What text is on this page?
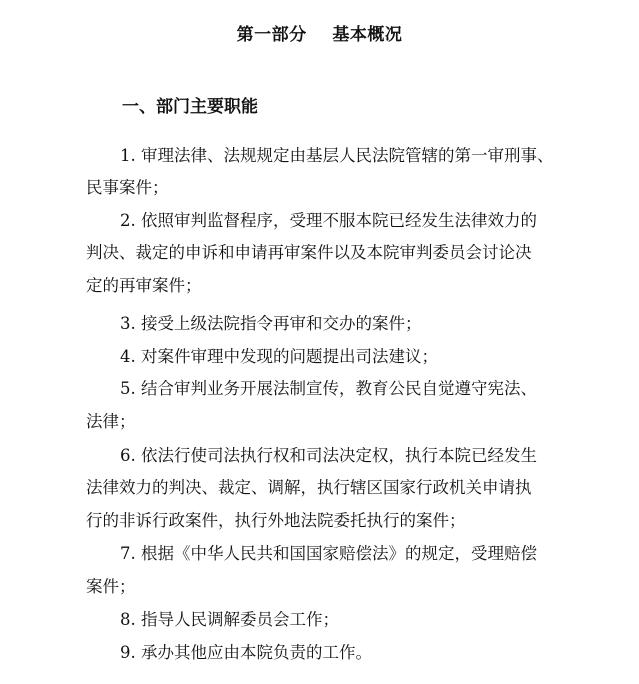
第一部分    基本概况
一、部门主要职能
1. 审理法律、法规规定由基层人民法院管辖的第一审刑事、
民事案件；
2. 依照审判监督程序，受理不服本院已经发生法律效力的
判决、裁定的申诉和申请再审案件以及本院审判委员会讨论决
定的再审案件；
3. 接受上级法院指令再审和交办的案件；
4. 对案件审理中发现的问题提出司法建议；
5. 结合审判业务开展法制宣传，教育公民自觉遵守宪法、
法律；
6. 依法行使司法执行权和司法决定权，执行本院已经发生
法律效力的判决、裁定、调解，执行辖区国家行政机关申请执
行的非诉行政案件，执行外地法院委托执行的案件；
7. 根据《中华人民共和国国家赔偿法》的规定，受理赔偿
案件；
8. 指导人民调解委员会工作；
9. 承办其他应由本院负责的工作。
